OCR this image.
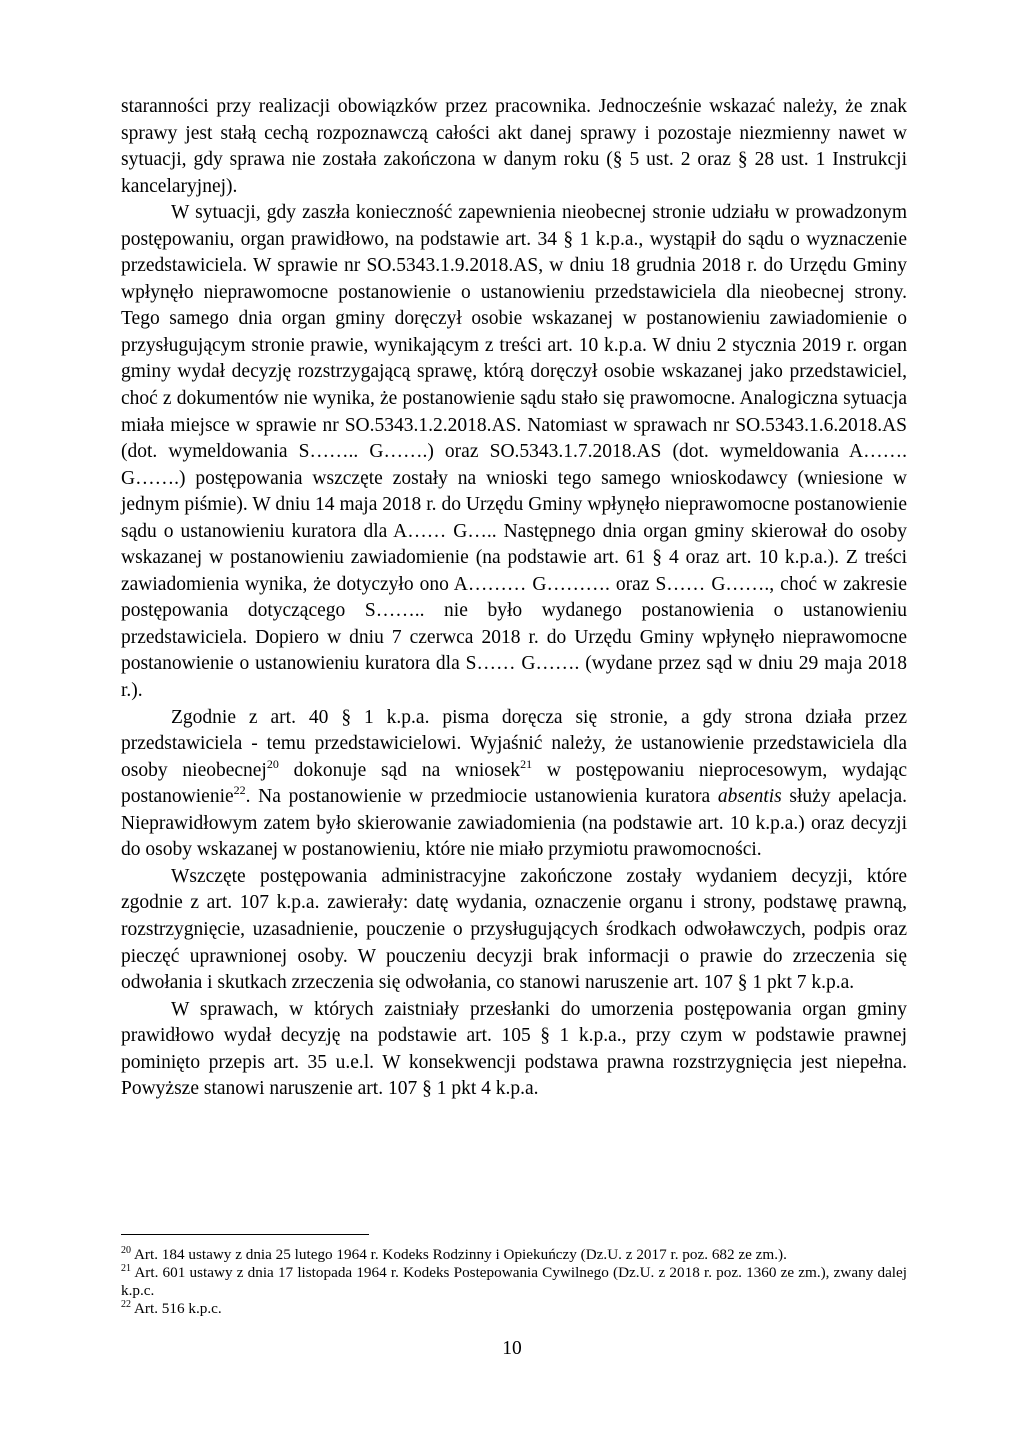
staranności przy realizacji obowiązków przez pracownika. Jednocześnie wskazać należy, że znak sprawy jest stałą cechą rozpoznawczą całości akt danej sprawy i pozostaje niezmienny nawet w sytuacji, gdy sprawa nie została zakończona w danym roku (§ 5 ust. 2 oraz § 28 ust. 1 Instrukcji kancelaryjnej).

W sytuacji, gdy zaszła konieczność zapewnienia nieobecnej stronie udziału w prowadzonym postępowaniu, organ prawidłowo, na podstawie art. 34 § 1 k.p.a., wystąpił do sądu o wyznaczenie przedstawiciela. W sprawie nr SO.5343.1.9.2018.AS, w dniu 18 grudnia 2018 r. do Urzędu Gminy wpłynęło nieprawomocne postanowienie o ustanowieniu przedstawiciela dla nieobecnej strony. Tego samego dnia organ gminy doręczył osobie wskazanej w postanowieniu zawiadomienie o przysługującym stronie prawie, wynikającym z treści art. 10 k.p.a. W dniu 2 stycznia 2019 r. organ gminy wydał decyzję rozstrzygającą sprawę, którą doręczył osobie wskazanej jako przedstawiciel, choć z dokumentów nie wynika, że postanowienie sądu stało się prawomocne. Analogiczna sytuacja miała miejsce w sprawie nr SO.5343.1.2.2018.AS. Natomiast w sprawach nr SO.5343.1.6.2018.AS (dot. wymeldowania S…….. G…….) oraz SO.5343.1.7.2018.AS (dot. wymeldowania A……. G…….) postępowania wszczęte zostały na wnioski tego samego wnioskodawcy (wniesione w jednym piśmie). W dniu 14 maja 2018 r. do Urzędu Gminy wpłynęło nieprawomocne postanowienie sądu o ustanowieniu kuratora dla A…… G….. Następnego dnia organ gminy skierował do osoby wskazanej w postanowieniu zawiadomienie (na podstawie art. 61 § 4 oraz art. 10 k.p.a.). Z treści zawiadomienia wynika, że dotyczyło ono A……… G………. oraz S…… G……., choć w zakresie postępowania dotyczącego S…….. nie było wydanego postanowienia o ustanowieniu przedstawiciela. Dopiero w dniu 7 czerwca 2018 r. do Urzędu Gminy wpłynęło nieprawomocne postanowienie o ustanowieniu kuratora dla S…… G……. (wydane przez sąd w dniu 29 maja 2018 r.).

Zgodnie z art. 40 § 1 k.p.a. pisma doręcza się stronie, a gdy strona działa przez przedstawiciela - temu przedstawicielowi. Wyjaśnić należy, że ustanowienie przedstawiciela dla osoby nieobecnej$^{20}$ dokonuje sąd na wniosek$^{21}$ w postępowaniu nieprocesowym, wydając postanowienie$^{22}$. Na postanowienie w przedmiocie ustanowienia kuratora absentis służy apelacja. Nieprawidłowym zatem było skierowanie zawiadomienia (na podstawie art. 10 k.p.a.) oraz decyzji do osoby wskazanej w postanowieniu, które nie miało przymiotu prawomocności.

Wszczęte postępowania administracyjne zakończone zostały wydaniem decyzji, które zgodnie z art. 107 k.p.a. zawierały: datę wydania, oznaczenie organu i strony, podstawę prawną, rozstrzygnięcie, uzasadnienie, pouczenie o przysługujących środkach odwoławczych, podpis oraz pieczęć uprawnionej osoby. W pouczeniu decyzji brak informacji o prawie do zrzeczenia się odwołania i skutkach zrzeczenia się odwołania, co stanowi naruszenie art. 107 § 1 pkt 7 k.p.a.

W sprawach, w których zaistniały przesłanki do umorzenia postępowania organ gminy prawidłowo wydał decyzję na podstawie art. 105 § 1 k.p.a., przy czym w podstawie prawnej pominięto przepis art. 35 u.e.l. W konsekwencji podstawa prawna rozstrzygnięcia jest niepełna. Powyższe stanowi naruszenie art. 107 § 1 pkt 4 k.p.a.

$^{20}$ Art. 184 ustawy z dnia 25 lutego 1964 r. Kodeks Rodzinny i Opiekuńczy (Dz.U. z 2017 r. poz. 682 ze zm.).

$^{21}$ Art. 601 ustawy z dnia 17 listopada 1964 r. Kodeks Postepowania Cywilnego (Dz.U. z 2018 r. poz. 1360 ze zm.), zwany dalej k.p.c.

$^{22}$ Art. 516 k.p.c.

10
